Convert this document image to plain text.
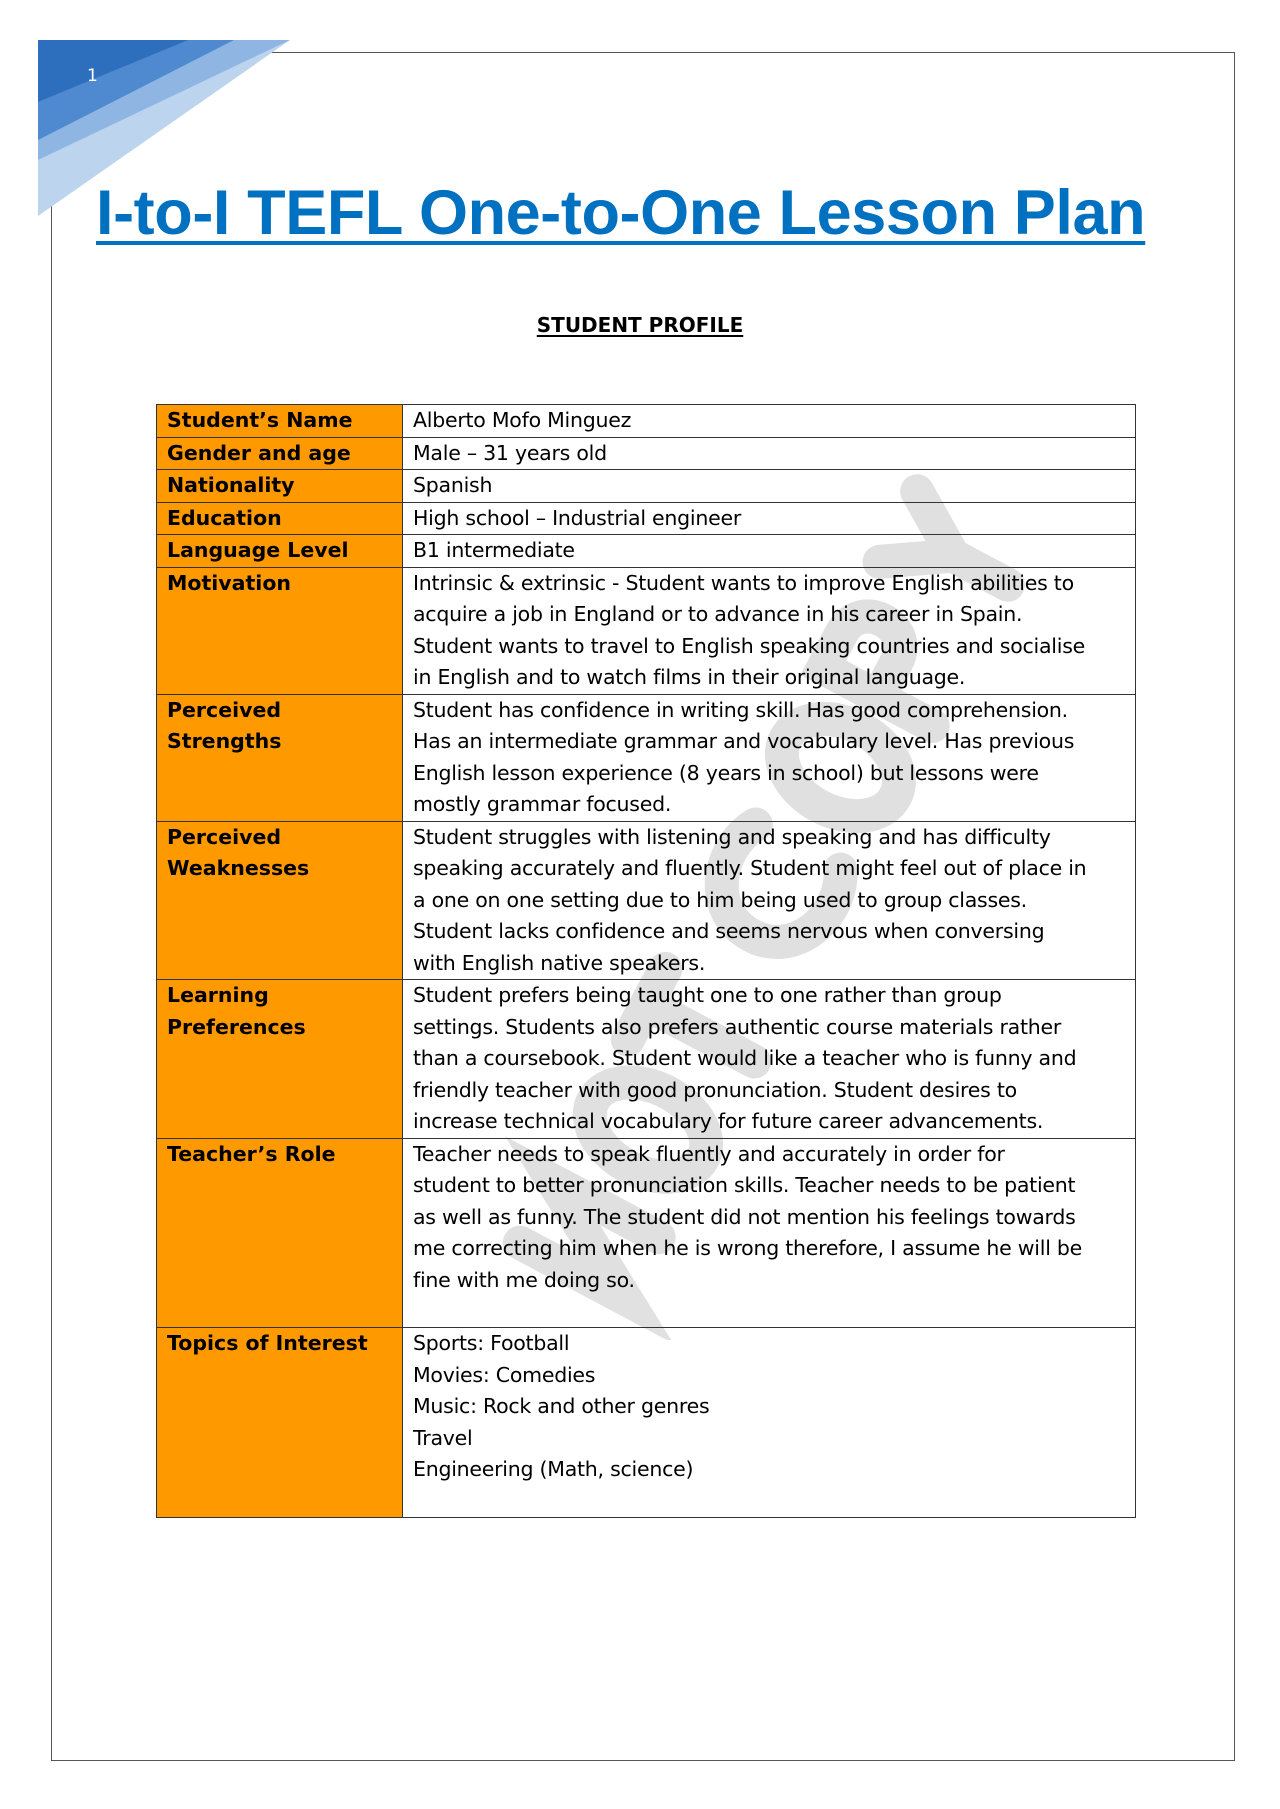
1
I-to-I TEFL One-to-One Lesson Plan
STUDENT PROFILE
Student’s Name	Alberto Mofo Minguez

Gender and age	Male – 31 years old

Nationality	Spanish

Education	High school – Industrial engineer

Language Level	B1 intermediate

Motivation	Intrinsic & extrinsic - Student wants to improve English abilities to
acquire a job in England or to advance in his career in Spain.
Student wants to travel to English speaking countries and socialise
in English and to watch films in their original language.

Perceived Strengths	Student has confidence in writing skill. Has good comprehension.
Has an intermediate grammar and vocabulary level. Has previous
English lesson experience (8 years in school) but lessons were
mostly grammar focused.

Perceived Weaknesses	Student struggles with listening and speaking and has difficulty
speaking accurately and fluently. Student might feel out of place in
a one on one setting due to him being used to group classes.
Student lacks confidence and seems nervous when conversing
with English native speakers.

Learning Preferences	Student prefers being taught one to one rather than group
settings. Students also prefers authentic course materials rather
than a coursebook. Student would like a teacher who is funny and
friendly teacher with good pronunciation. Student desires to
increase technical vocabulary for future career advancements.

Teacher’s Role	Teacher needs to speak fluently and accurately in order for
student to better pronunciation skills. Teacher needs to be patient
as well as funny. The student did not mention his feelings towards
me correcting him when he is wrong therefore, I assume he will be
fine with me doing so.

Topics of Interest	Sports: Football
Movies: Comedies
Music: Rock and other genres
Travel
Engineering (Math, science)
